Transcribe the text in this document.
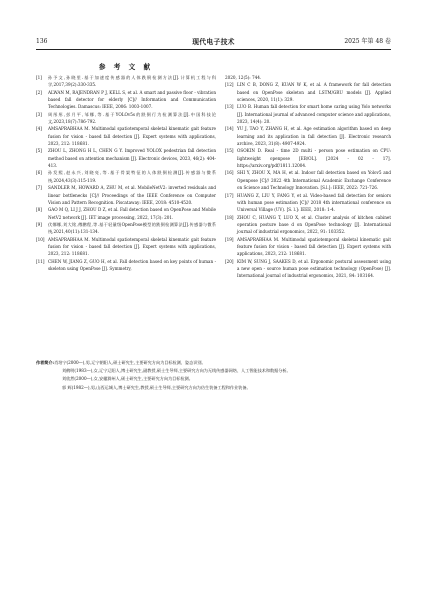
136	现代电子技术	2025 年第 48 卷
参 考 文 献
[1] 孙予文,孙晓里.基于加速度传感器的人体跌倒检测方法[J].计算机工程与科学,2017,39(2):330-335.
[2] ALWAN M, RAJENDRAN P J, KELL S, et al. A smart and passive floor - vibration based fall detector for elderly [C]// Information and Communication Technologies. Damascus: IEEE, 2006: 1003-1007.
[3] 周彤彤,彭月平,邹娜,等.基于YOLOv5s的跌倒行为检测算法[J].中国科技论文,2023,18(7):786-792.
[4] AMSAPRABHAA M. Multimodal spatiotemporal skeletal kinematic gait feature fusion for vision - based fall detection [J]. Expert systems with applications, 2023, 212: 118681.
[5] ZHOU L, ZHONG H L, CHEN G Y. Improved YOLOX pedestrian fall detection method based on attention mechanism [J]. Electronic devices, 2023, 46(2): 404-413.
[6] 孙发熙,赵永兴,刘晓亮,等.基于骨架特征的人体跌倒检测[J].传感器与微系统,2024,43(3):115-119.
[7] SANDLER M, HOWARD A, ZHU M, et al. MobileNetV2: inverted residuals and linear bottlenecks [C]// Proceedings of the IEEE Conference on Computer Vision and Pattern Recognition. Piscataway: IEEE, 2018: 4510-4520.
[8] GAO M Q, LI J J, ZHOU D Z, et al. Fall detection based on OpenPose and Mobile NetV2 network [J]. IET image processing, 2022, 17(3): 201.
[9] 伏娜娜,刘大铭,傅鹏程,等.基于轻量级OpenPose模型的跌倒检测算法[J].传感器与微系统,2021,40(11):131-134.
[10] AMSAPRABHAA M. Multimodal spatiotemporal skeletal kinematic gait feature fusion for vision - based fall detection [J]. Expert systems with applications, 2023, 212: 118681.
[11] CHEN W, JIANG Z, GUO H, et al. Fall detection based on key points of human - skeleton using OpenPose [J]. Symmetry,
2020, 12(5): 744.
[12] LIN C B, DONG Z, KUAN W K, et al. A framework for fall detection based on OpenPose skeleton and LSTM/GRU models [J]. Applied sciences, 2020, 11(1): 329.
[13] LUO B. Human fall detection for smart home caring using Yolo networks [J]. International journal of advanced computer science and applications, 2023, 14(4): 20.
[14] YU J, TAO Y, ZHANG H, et al. Age estimation algorithm based on deep learning and its application in fall detection [J]. Electronic research archive, 2023, 31(8): 4907-4924.
[15] OSOKIN D. Real - time 2D multi - person pose estimation on CPU: lightweight openpose [EB/OL]. [2024 - 02 - 17]. https://arxiv.org/pdf/1811.12004.
[16] SHI Y, ZHOU X, MA H, et al. Indoor fall detection based on Yolov5 and Openpose [C]// 2022 4th International Academic Exchange Conference on Science and Technology Innovation. [S.l.]: IEEE, 2022: 721-726.
[17] HUANG Z, LIU Y, FANG Y, et al. Video-based fall detection for seniors with human pose estimation [C]// 2018 4th international conference on Universal Village (UV). [S. l.]: IEEE, 2018: 1-4.
[18] ZHOU C, HUANG T, LUO X, et al. Cluster analysis of kitchen cabinet operation posture base d on OpenPose technology [J]. International journal of industrial ergonomics, 2022, 91: 103352.
[19] AMSAPRABHAA M. Multimodal spatiotemporal skeletal kinematic gait feature fusion for vision - based fall detection [J]. Expert systems with applications, 2023, 212: 118681.
[20] KIM W, SUNG J, SAAKES D, et al. Ergonomic postural assessment using a new open - source human pose estimation technology (OpenPose) [J]. International journal of industrial ergonomics, 2021, 84: 103164.
作者简介:肖培宁(2000—),男,辽宁朝阳人,硕士研究生,主要研究方向为目标检测、姿态识别。
刘鹤明(1983—),女,辽宁辽阳人,博士研究生,副教授,硕士生导师,主要研究方向为无线传感器网络、人工智能技术和数据分析。
刘欣然(2000—),女,安徽滁州人,硕士研究生,主要研究方向为目标检测。
郭 辉(1982—),男,山西运城人,博士研究生,教授,硕士生导师,主要研究方向为仿生装备工程和作业装备。
